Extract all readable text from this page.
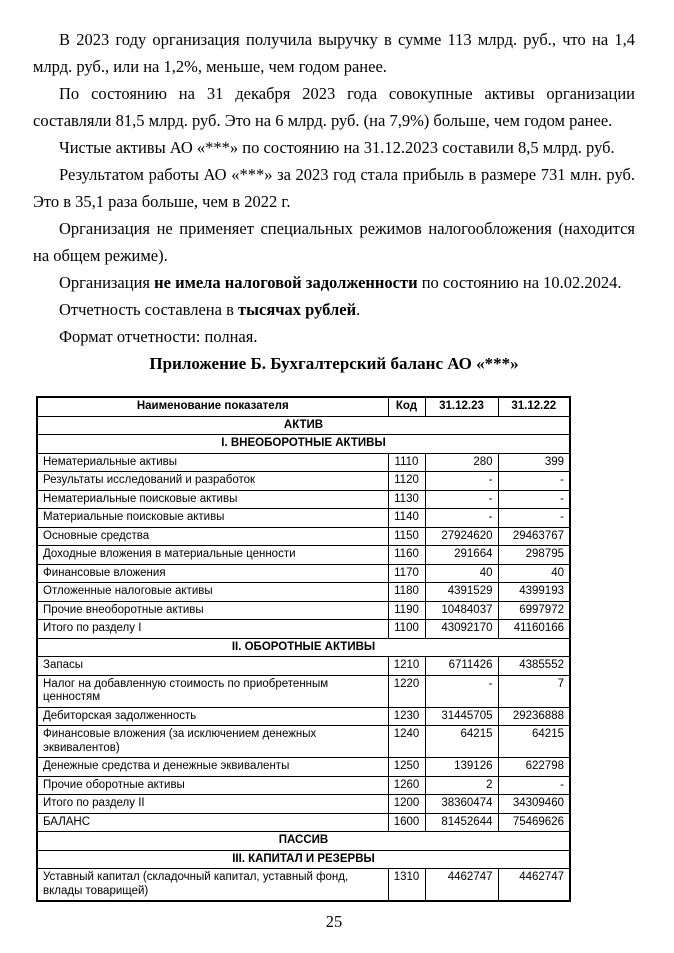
В 2023 году организация получила выручку в сумме 113 млрд. руб., что на 1,4 млрд. руб., или на 1,2%, меньше, чем годом ранее.

По состоянию на 31 декабря 2023 года совокупные активы организации составляли 81,5 млрд. руб. Это на 6 млрд. руб. (на 7,9%) больше, чем годом ранее.

Чистые активы АО «***» по состоянию на 31.12.2023 составили 8,5 млрд. руб.

Результатом работы АО «***» за 2023 год стала прибыль в размере 731 млн. руб. Это в 35,1 раза больше, чем в 2022 г.

Организация не применяет специальных режимов налогообложения (находится на общем режиме).

Организация не имела налоговой задолженности по состоянию на 10.02.2024.

Отчетность составлена в тысячах рублей.

Формат отчетности: полная.

Приложение Б. Бухгалтерский баланс АО «***»
Наименование показателя	Код	31.12.23	31.12.22
АКТИВ			
I. ВНЕОБОРОТНЫЕ АКТИВЫ			
Нематериальные активы	1110	280	399
Результаты исследований и разработок	1120	-	-
Нематериальные поисковые активы	1130	-	-
Материальные поисковые активы	1140	-	-
Основные средства	1150	27924620	29463767
Доходные вложения в материальные ценности	1160	291664	298795
Финансовые вложения	1170	40	40
Отложенные налоговые активы	1180	4391529	4399193
Прочие внеоборотные активы	1190	10484037	6997972
Итого по разделу I	1100	43092170	41160166
II. ОБОРОТНЫЕ АКТИВЫ			
Запасы	1210	6711426	4385552
Налог на добавленную стоимость по приобретенным ценностям	1220	-	7
Дебиторская задолженность	1230	31445705	29236888
Финансовые вложения (за исключением денежных эквивалентов)	1240	64215	64215
Денежные средства и денежные эквиваленты	1250	139126	622798
Прочие оборотные активы	1260	2	-
Итого по разделу II	1200	38360474	34309460
БАЛАНС	1600	81452644	75469626
ПАССИВ			
III. КАПИТАЛ И РЕЗЕРВЫ			
Уставный капитал (складочный капитал, уставный фонд, вклады товарищей)	1310	4462747	4462747
25
